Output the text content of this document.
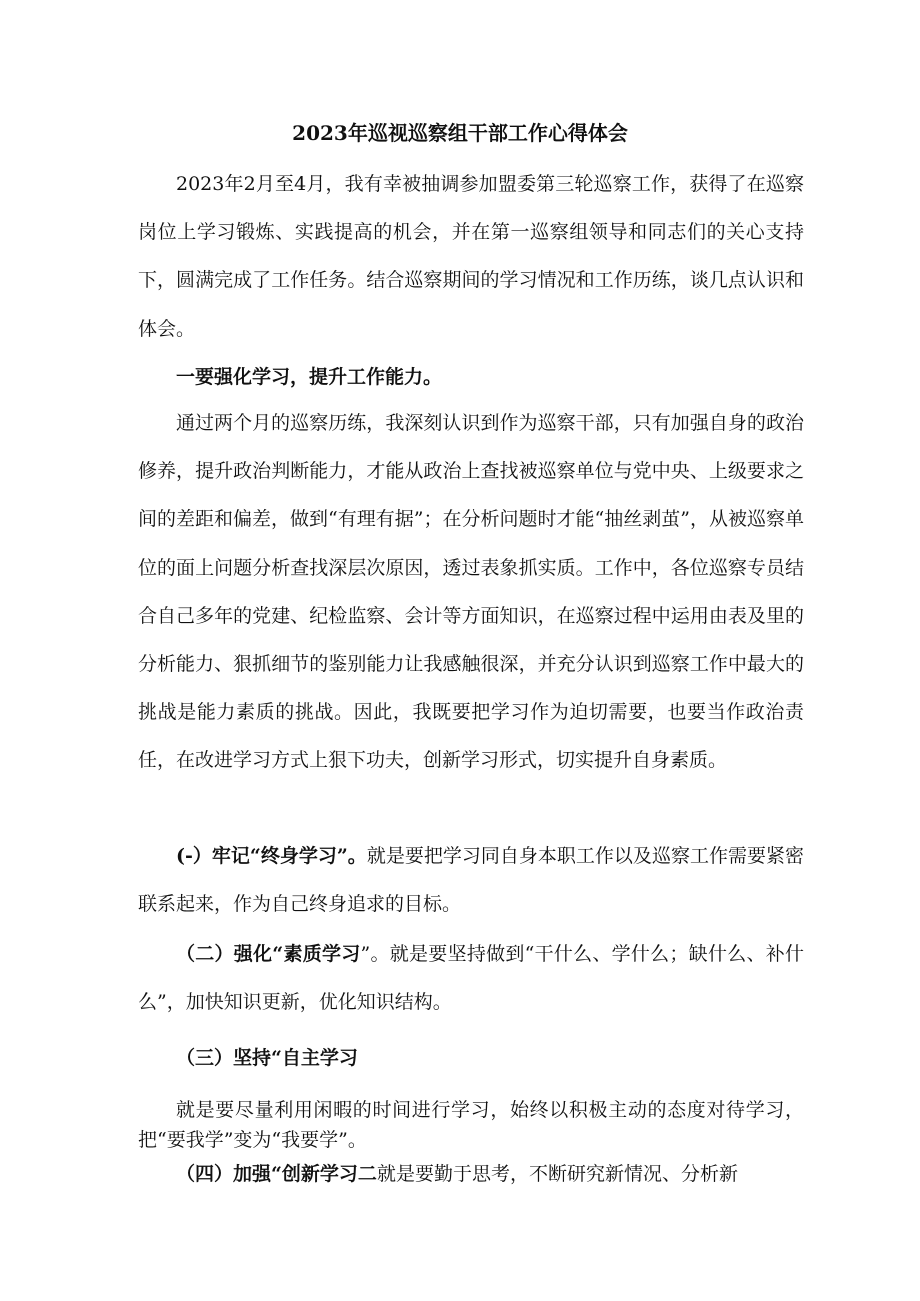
2023年巡视巡察组干部工作心得体会

2023年2月至4月，我有幸被抽调参加盟委第三轮巡察工作，获得了在巡察岗位上学习锻炼、实践提高的机会，并在第一巡察组领导和同志们的关心支持下，圆满完成了工作任务。结合巡察期间的学习情况和工作历练，谈几点认识和体会。

一要强化学习，提升工作能力。

通过两个月的巡察历练，我深刻认识到作为巡察干部，只有加强自身的政治修养，提升政治判断能力，才能从政治上查找被巡察单位与党中央、上级要求之间的差距和偏差，做到“有理有据”；在分析问题时才能“抽丝剥茧”，从被巡察单位的面上问题分析查找深层次原因，透过表象抓实质。工作中，各位巡察专员结合自己多年的党建、纪检监察、会计等方面知识，在巡察过程中运用由表及里的分析能力、狠抓细节的鉴别能力让我感触很深，并充分认识到巡察工作中最大的挑战是能力素质的挑战。因此，我既要把学习作为迫切需要，也要当作政治责任，在改进学习方式上狠下功夫，创新学习形式，切实提升自身素质。

(-）牢记“终身学习”。就是要把学习同自身本职工作以及巡察工作需要紧密联系起来，作为自己终身追求的目标。

（二）强化“素质学习”。就是要坚持做到“干什么、学什么；缺什么、补什么”，加快知识更新，优化知识结构。

（三）坚持“自主学习

就是要尽量利用闲暇的时间进行学习，始终以积极主动的态度对待学习，把“要我学”变为“我要学”。

（四）加强“创新学习二就是要勤于思考，不断研究新情况、分析新
